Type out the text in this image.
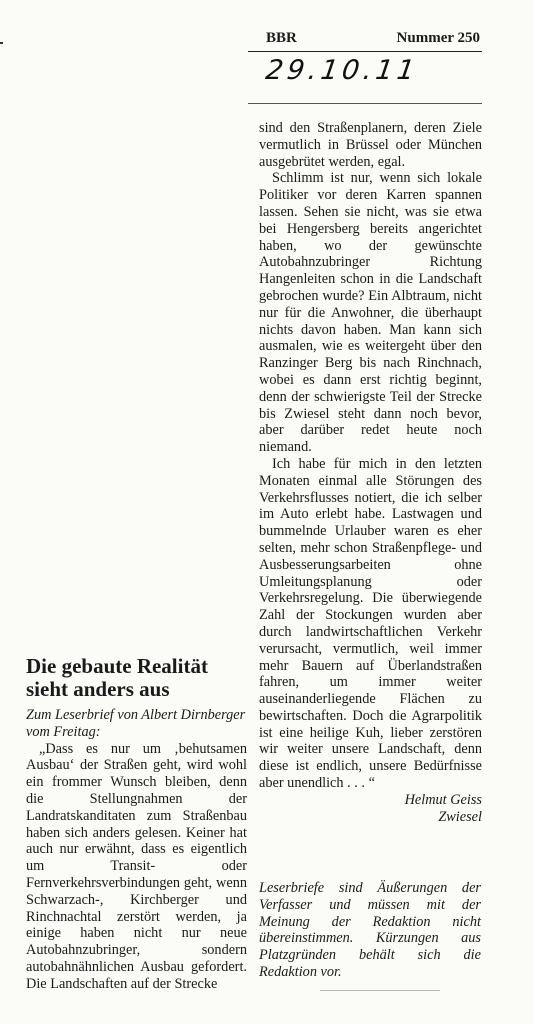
BBR	Nummer 250
29.10.11

sind den Straßenplanern, deren Ziele vermutlich in Brüssel oder München ausgebrütet werden, egal.

Schlimm ist nur, wenn sich lokale Politiker vor deren Karren spannen lassen. Sehen sie nicht, was sie etwa bei Hengersberg bereits angerichtet haben, wo der gewünschte Autobahnzubringer Richtung Hangenleiten schon in die Landschaft gebrochen wurde? Ein Albtraum, nicht nur für die Anwohner, die überhaupt nichts davon haben. Man kann sich ausmalen, wie es weitergeht über den Ranzinger Berg bis nach Rinchnach, wobei es dann erst richtig beginnt, denn der schwierigste Teil der Strecke bis Zwiesel steht dann noch bevor, aber darüber redet heute noch niemand.

Ich habe für mich in den letzten Monaten einmal alle Störungen des Verkehrsflusses notiert, die ich selber im Auto erlebt habe. Lastwagen und bummelnde Urlauber waren es eher selten, mehr schon Straßenpflege- und Ausbesserungsarbeiten ohne Umleitungsplanung oder Verkehrsregelung. Die überwiegende Zahl der Stockungen wurden aber durch landwirtschaftlichen Verkehr verursacht, vermutlich, weil immer mehr Bauern auf Überlandstraßen fahren, um immer weiter auseinanderliegende Flächen zu bewirtschaften. Doch die Agrarpolitik ist eine heilige Kuh, lieber zerstören wir weiter unsere Landschaft, denn diese ist endlich, unsere Bedürfnisse aber unendlich . . . “

Helmut Geiss

Zwiesel

Die gebaute Realität sieht anders aus

Zum Leserbrief von Albert Dirnberger vom Freitag:

„Dass es nur um ‚behutsamen Ausbau‘ der Straßen geht, wird wohl ein frommer Wunsch bleiben, denn die Stellungnahmen der Landratskanditaten zum Straßenbau haben sich anders gelesen. Keiner hat auch nur erwähnt, dass es eigentlich um Transit- oder Fernverkehrsverbindungen geht, wenn Schwarzach-, Kirchberger und Rinchnachtal zerstört werden, ja einige haben nicht nur neue Autobahnzubringer, sondern autobahnähnlichen Ausbau gefordert. Die Landschaften auf der Strecke

Leserbriefe sind Äußerungen der Verfasser und müssen mit der Meinung der Redaktion nicht übereinstimmen. Kürzungen aus Platzgründen behält sich die Redaktion vor.
